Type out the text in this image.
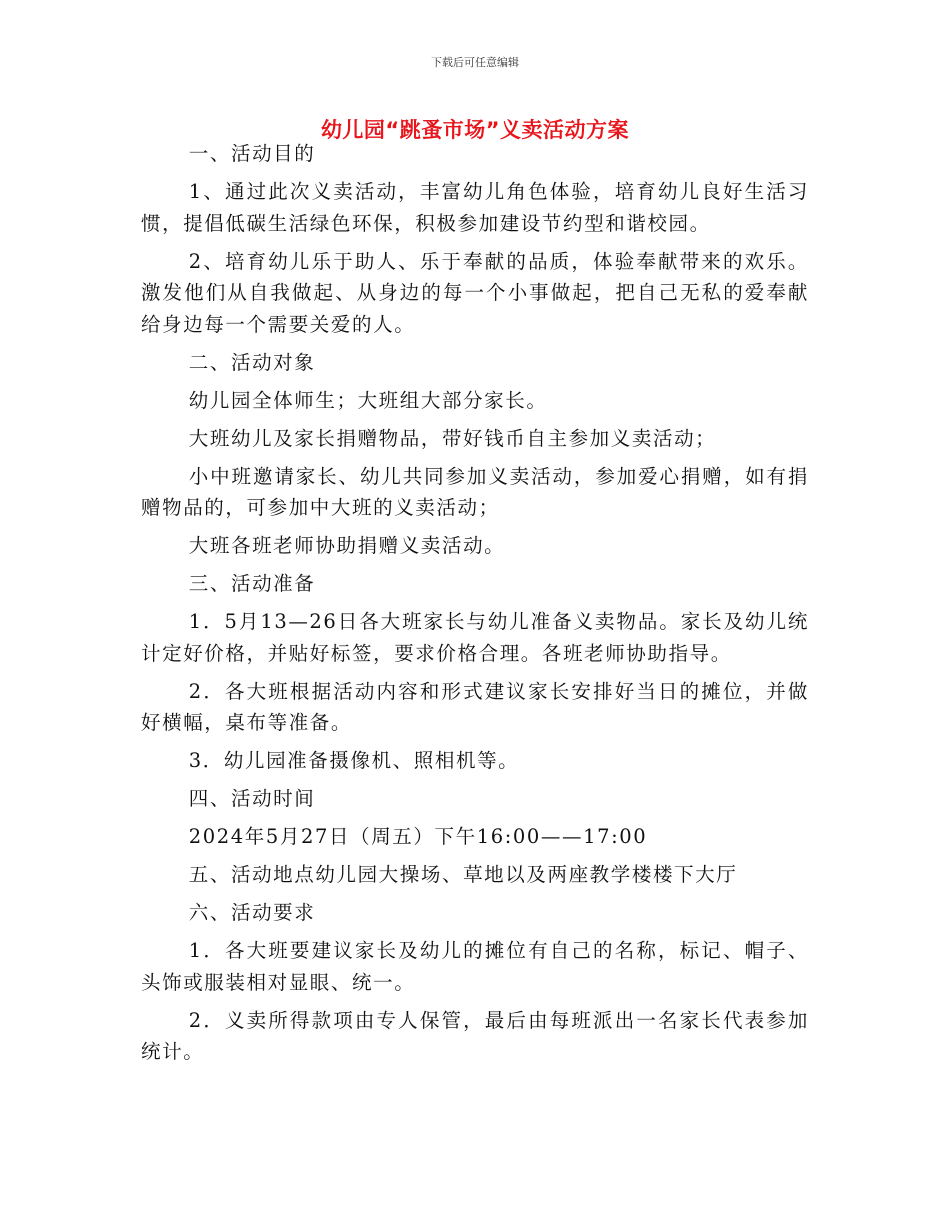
下载后可任意编辑
幼儿园“跳蚤市场”义卖活动方案

一、活动目的

1、通过此次义卖活动，丰富幼儿角色体验，培育幼儿良好生活习惯，提倡低碳生活绿色环保，积极参加建设节约型和谐校园。

2、培育幼儿乐于助人、乐于奉献的品质，体验奉献带来的欢乐。激发他们从自我做起、从身边的每一个小事做起，把自己无私的爱奉献给身边每一个需要关爱的人。

二、活动对象

幼儿园全体师生；大班组大部分家长。

大班幼儿及家长捐赠物品，带好钱币自主参加义卖活动；

小中班邀请家长、幼儿共同参加义卖活动，参加爱心捐赠，如有捐赠物品的，可参加中大班的义卖活动；

大班各班老师协助捐赠义卖活动。

三、活动准备

1．5月13—26日各大班家长与幼儿准备义卖物品。家长及幼儿统计定好价格，并贴好标签，要求价格合理。各班老师协助指导。

2．各大班根据活动内容和形式建议家长安排好当日的摊位，并做好横幅，桌布等准备。

3．幼儿园准备摄像机、照相机等。

四、活动时间

2024年5月27日（周五）下午16:00——17:00

五、活动地点幼儿园大操场、草地以及两座教学楼楼下大厅

六、活动要求

1．各大班要建议家长及幼儿的摊位有自己的名称，标记、帽子、头饰或服装相对显眼、统一。

2．义卖所得款项由专人保管，最后由每班派出一名家长代表参加统计。
